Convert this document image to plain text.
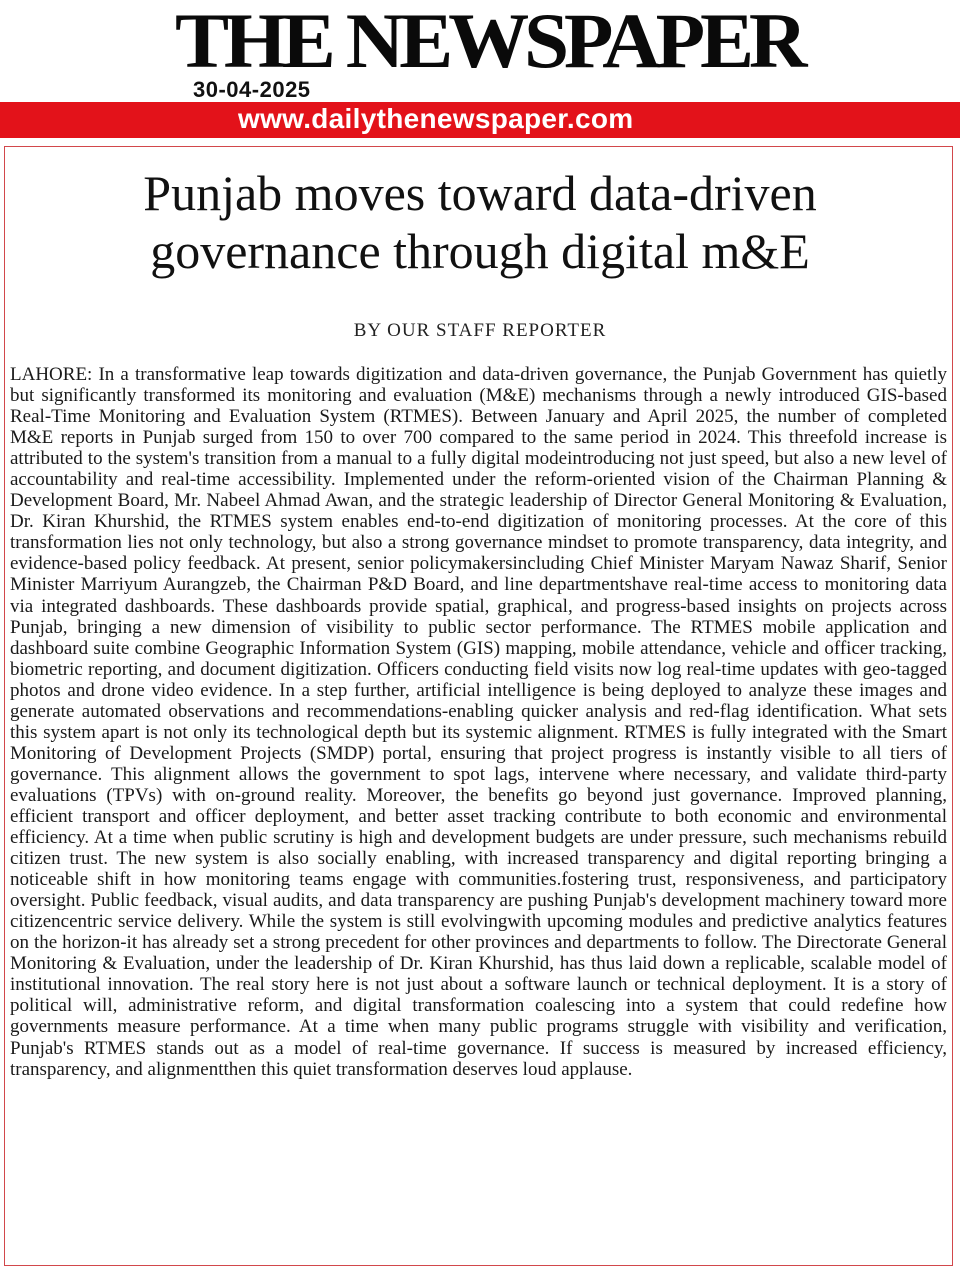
THE NEWSPAPER
30-04-2025
www.dailythenewspaper.com
Punjab moves toward data-driven
governance through digital m&E
BY OUR STAFF REPORTER

LAHORE: In a transformative leap towards digitization and data-driven governance, the Punjab Government has quietly but significantly transformed its monitoring and evaluation (M&E) mechanisms through a newly introduced GIS-based Real-Time Monitoring and Evaluation System (RTMES). Between January and April 2025, the number of completed M&E reports in Punjab surged from 150 to over 700 compared to the same period in 2024. This threefold increase is attributed to the system's transition from a manual to a fully digital modeintroducing not just speed, but also a new level of accountability and real-time accessibility. Implemented under the reform-oriented vision of the Chairman Planning & Development Board, Mr. Nabeel Ahmad Awan, and the strategic leadership of Director General Monitoring & Evaluation, Dr. Kiran Khurshid, the RTMES system enables end-to-end digitization of monitoring processes. At the core of this transformation lies not only technology, but also a strong governance mindset to promote transparency, data integrity, and evidence-based policy feedback. At present, senior policymakersincluding Chief Minister Maryam Nawaz Sharif, Senior Minister Marriyum Aurangzeb, the Chairman P&D Board, and line departmentshave real-time access to monitoring data via integrated dashboards. These dashboards provide spatial, graphical, and progress-based insights on projects across Punjab, bringing a new dimension of visibility to public sector performance. The RTMES mobile application and dashboard suite combine Geographic Information System (GIS) mapping, mobile attendance, vehicle and officer tracking, biometric reporting, and document digitization. Officers conducting field visits now log real-time updates with geo-tagged photos and drone video evidence. In a step further, artificial intelligence is being deployed to analyze these images and generate automated observations and recommendations-enabling quicker analysis and red-flag identification. What sets this system apart is not only its technological depth but its systemic alignment. RTMES is fully integrated with the Smart Monitoring of Development Projects (SMDP) portal, ensuring that project progress is instantly visible to all tiers of governance. This alignment allows the government to spot lags, intervene where necessary, and validate third-party evaluations (TPVs) with on-ground reality. Moreover, the benefits go beyond just governance. Improved planning, efficient transport and officer deployment, and better asset tracking contribute to both economic and environmental efficiency. At a time when public scrutiny is high and development budgets are under pressure, such mechanisms rebuild citizen trust. The new system is also socially enabling, with increased transparency and digital reporting bringing a noticeable shift in how monitoring teams engage with communities.fostering trust, responsiveness, and participatory oversight. Public feedback, visual audits, and data transparency are pushing Punjab's development machinery toward more citizencentric service delivery. While the system is still evolvingwith upcoming modules and predictive analytics features on the horizon-it has already set a strong precedent for other provinces and departments to follow. The Directorate General Monitoring & Evaluation, under the leadership of Dr. Kiran Khurshid, has thus laid down a replicable, scalable model of institutional innovation. The real story here is not just about a software launch or technical deployment. It is a story of political will, administrative reform, and digital transformation coalescing into a system that could redefine how governments measure performance. At a time when many public programs struggle with visibility and verification, Punjab's RTMES stands out as a model of real-time governance. If success is measured by increased efficiency, transparency, and alignmentthen this quiet transformation deserves loud applause.
